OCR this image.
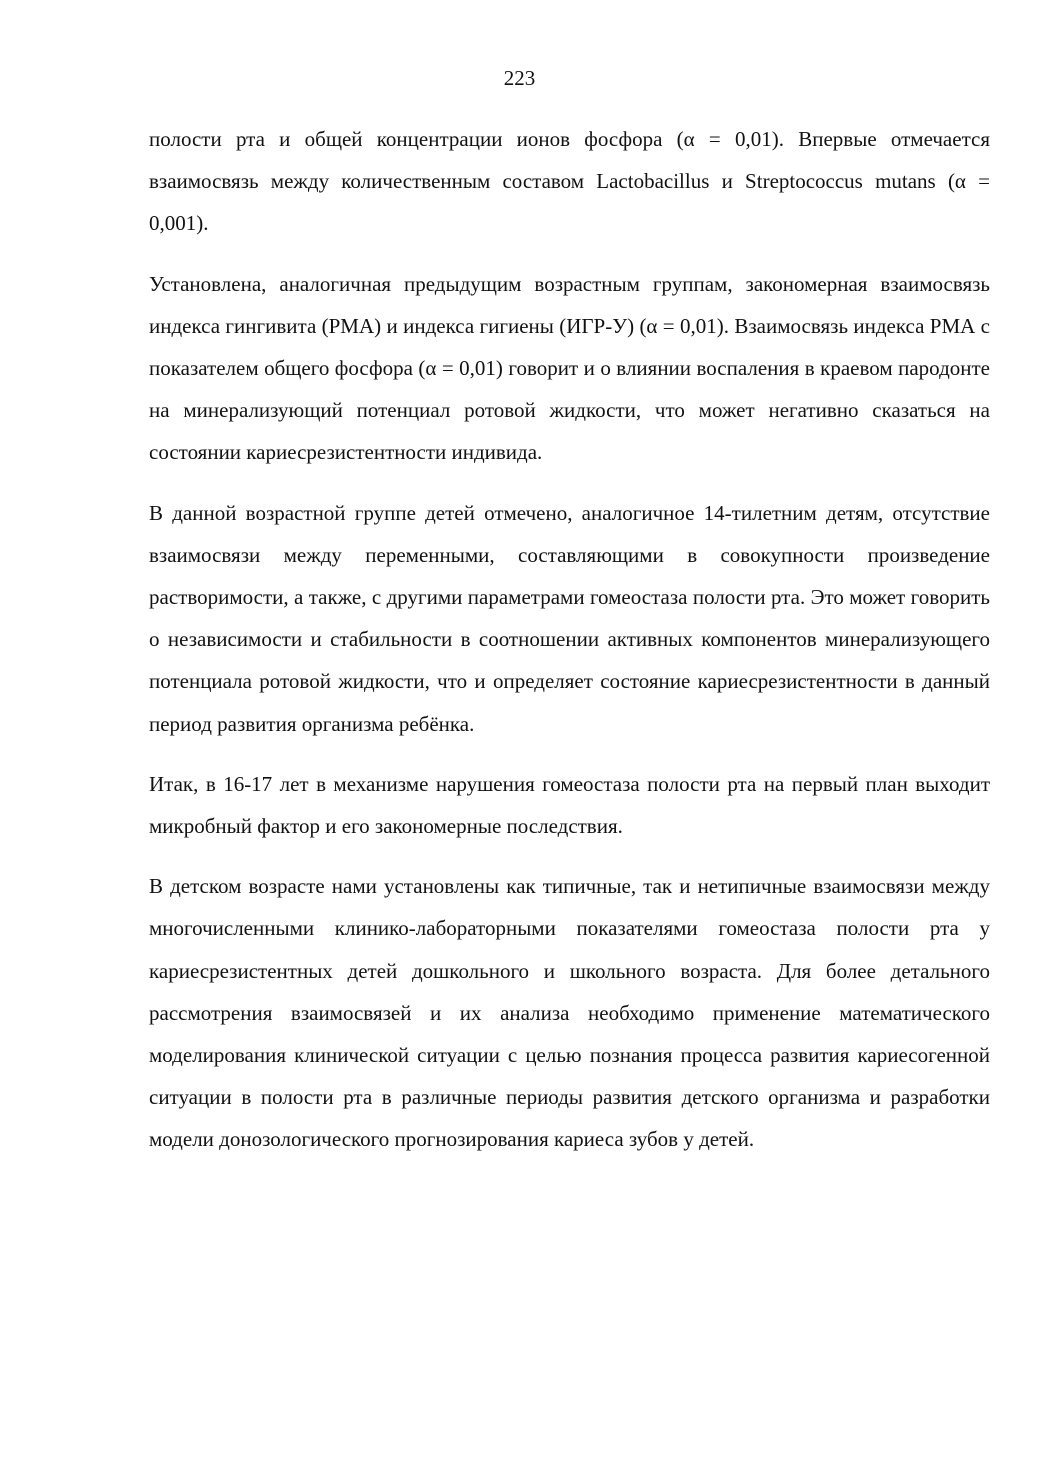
223

полости рта и общей концентрации ионов фосфора (α = 0,01). Впервые отмечается взаимосвязь между количественным составом Lactobacillus и Streptococcus mutans (α = 0,001).

Установлена, аналогичная предыдущим возрастным группам, закономерная взаимосвязь индекса гингивита (РМА) и индекса гигиены (ИГР-У) (α = 0,01). Взаимосвязь индекса РМА с показателем общего фосфора (α = 0,01) говорит и о влиянии воспаления в краевом пародонте на минерализующий потенциал ротовой жидкости, что может негативно сказаться на состоянии кариесрезистентности индивида.

В данной возрастной группе детей отмечено, аналогичное 14-тилетним детям, отсутствие взаимосвязи между переменными, составляющими в совокупности произведение растворимости, а также, с другими параметрами гомеостаза полости рта. Это может говорить о независимости и стабильности в соотношении активных компонентов минерализующего потенциала ротовой жидкости, что и определяет состояние кариесрезистентности в данный период развития организма ребёнка.

Итак, в 16-17 лет в механизме нарушения гомеостаза полости рта на первый план выходит микробный фактор и его закономерные последствия.

В детском возрасте нами установлены как типичные, так и нетипичные взаимосвязи между многочисленными клинико-лабораторными показателями гомеостаза полости рта у кариесрезистентных детей дошкольного и школьного возраста. Для более детального рассмотрения взаимосвязей и их анализа необходимо применение математического моделирования клинической ситуации с целью познания процесса развития кариесогенной ситуации в полости рта в различные периоды развития детского организма и разработки модели донозологического прогнозирования кариеса зубов у детей.
